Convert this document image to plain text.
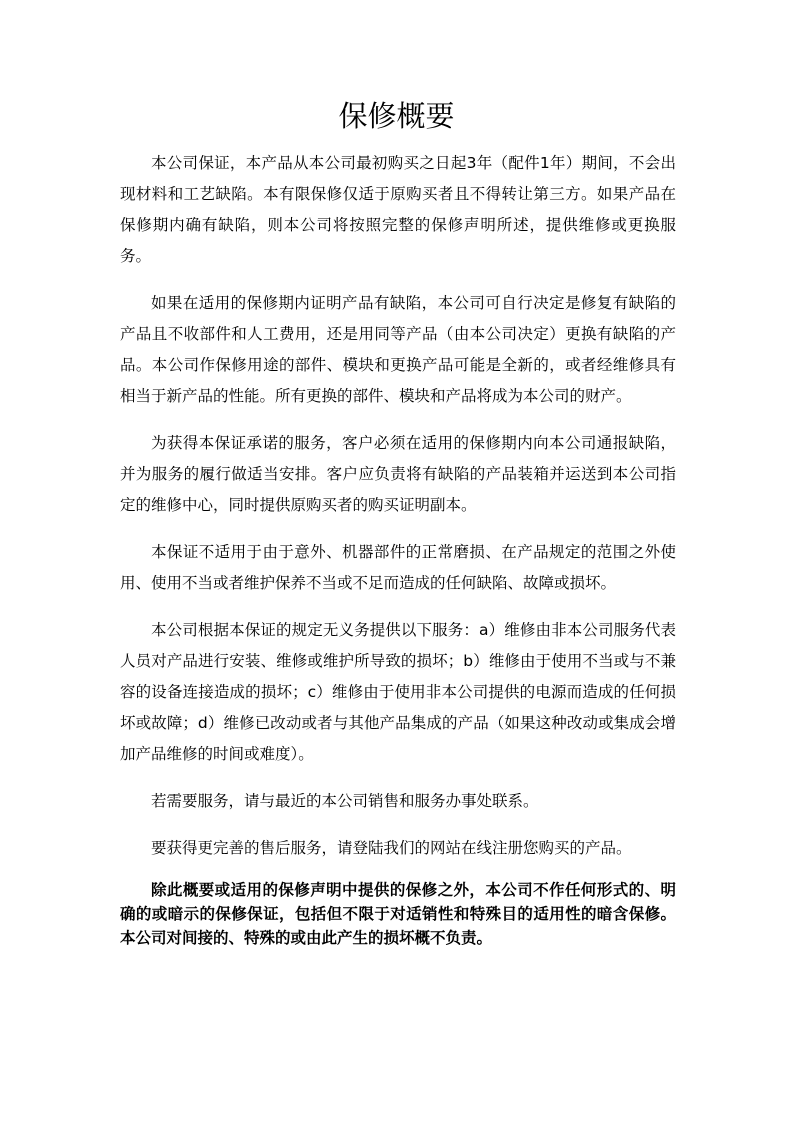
保修概要

本公司保证，本产品从本公司最初购买之日起3年（配件1年）期间，不会出现材料和工艺缺陷。本有限保修仅适于原购买者且不得转让第三方。如果产品在保修期内确有缺陷，则本公司将按照完整的保修声明所述，提供维修或更换服务。

如果在适用的保修期内证明产品有缺陷，本公司可自行决定是修复有缺陷的产品且不收部件和人工费用，还是用同等产品（由本公司决定）更换有缺陷的产品。本公司作保修用途的部件、模块和更换产品可能是全新的，或者经维修具有相当于新产品的性能。所有更换的部件、模块和产品将成为本公司的财产。

为获得本保证承诺的服务，客户必须在适用的保修期内向本公司通报缺陷，并为服务的履行做适当安排。客户应负责将有缺陷的产品装箱并运送到本公司指定的维修中心，同时提供原购买者的购买证明副本。

本保证不适用于由于意外、机器部件的正常磨损、在产品规定的范围之外使用、使用不当或者维护保养不当或不足而造成的任何缺陷、故障或损坏。

本公司根据本保证的规定无义务提供以下服务：a）维修由非本公司服务代表人员对产品进行安装、维修或维护所导致的损坏；b）维修由于使用不当或与不兼容的设备连接造成的损坏；c）维修由于使用非本公司提供的电源而造成的任何损坏或故障；d）维修已改动或者与其他产品集成的产品（如果这种改动或集成会增加产品维修的时间或难度）。

若需要服务，请与最近的本公司销售和服务办事处联系。

要获得更完善的售后服务，请登陆我们的网站在线注册您购买的产品。

除此概要或适用的保修声明中提供的保修之外，本公司不作任何形式的、明确的或暗示的保修保证，包括但不限于对适销性和特殊目的适用性的暗含保修。本公司对间接的、特殊的或由此产生的损坏概不负责。
